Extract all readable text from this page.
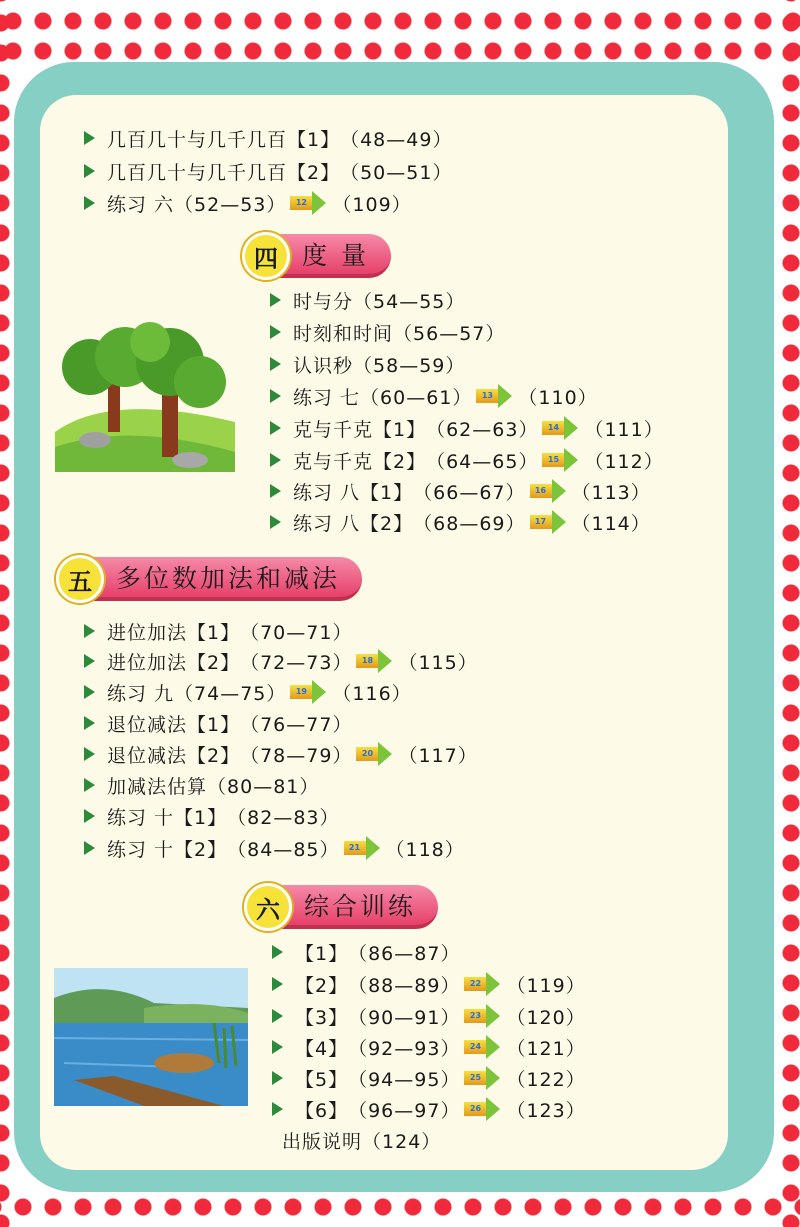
几百几十与几千几百【1】 （48—49）
几百几十与几千几百【2】 （50—51）
练习 六 （52—53）	12 （109）
四 度 量
时与分 （54—55）
时刻和时间 （56—57）
认识秒 （58—59）
练习 七 （60—61）	13 （110）
克与千克【1】 （62—63）	14 （111）
克与千克【2】 （64—65）	15 （112）
练习 八【1】 （66—67）	16 （113）
练习 八【2】 （68—69）	17 （114）
五 多位数加法和减法
进位加法【1】 （70—71）
进位加法【2】 （72—73）	18 （115）
练习 九 （74—75）	19 （116）
退位减法【1】 （76—77）
退位减法【2】 （78—79）	20 （117）
加减法估算 （80—81）
练习 十【1】 （82—83）
练习 十【2】 （84—85）	21 （118）
六 综合训练
【1】 （86—87）
【2】 （88—89）	22 （119）
【3】 （90—91）	23 （120）
【4】 （92—93）	24 （121）
【5】 （94—95）	25 （122）
【6】 （96—97）	26 （123）
出版说明 （124）
